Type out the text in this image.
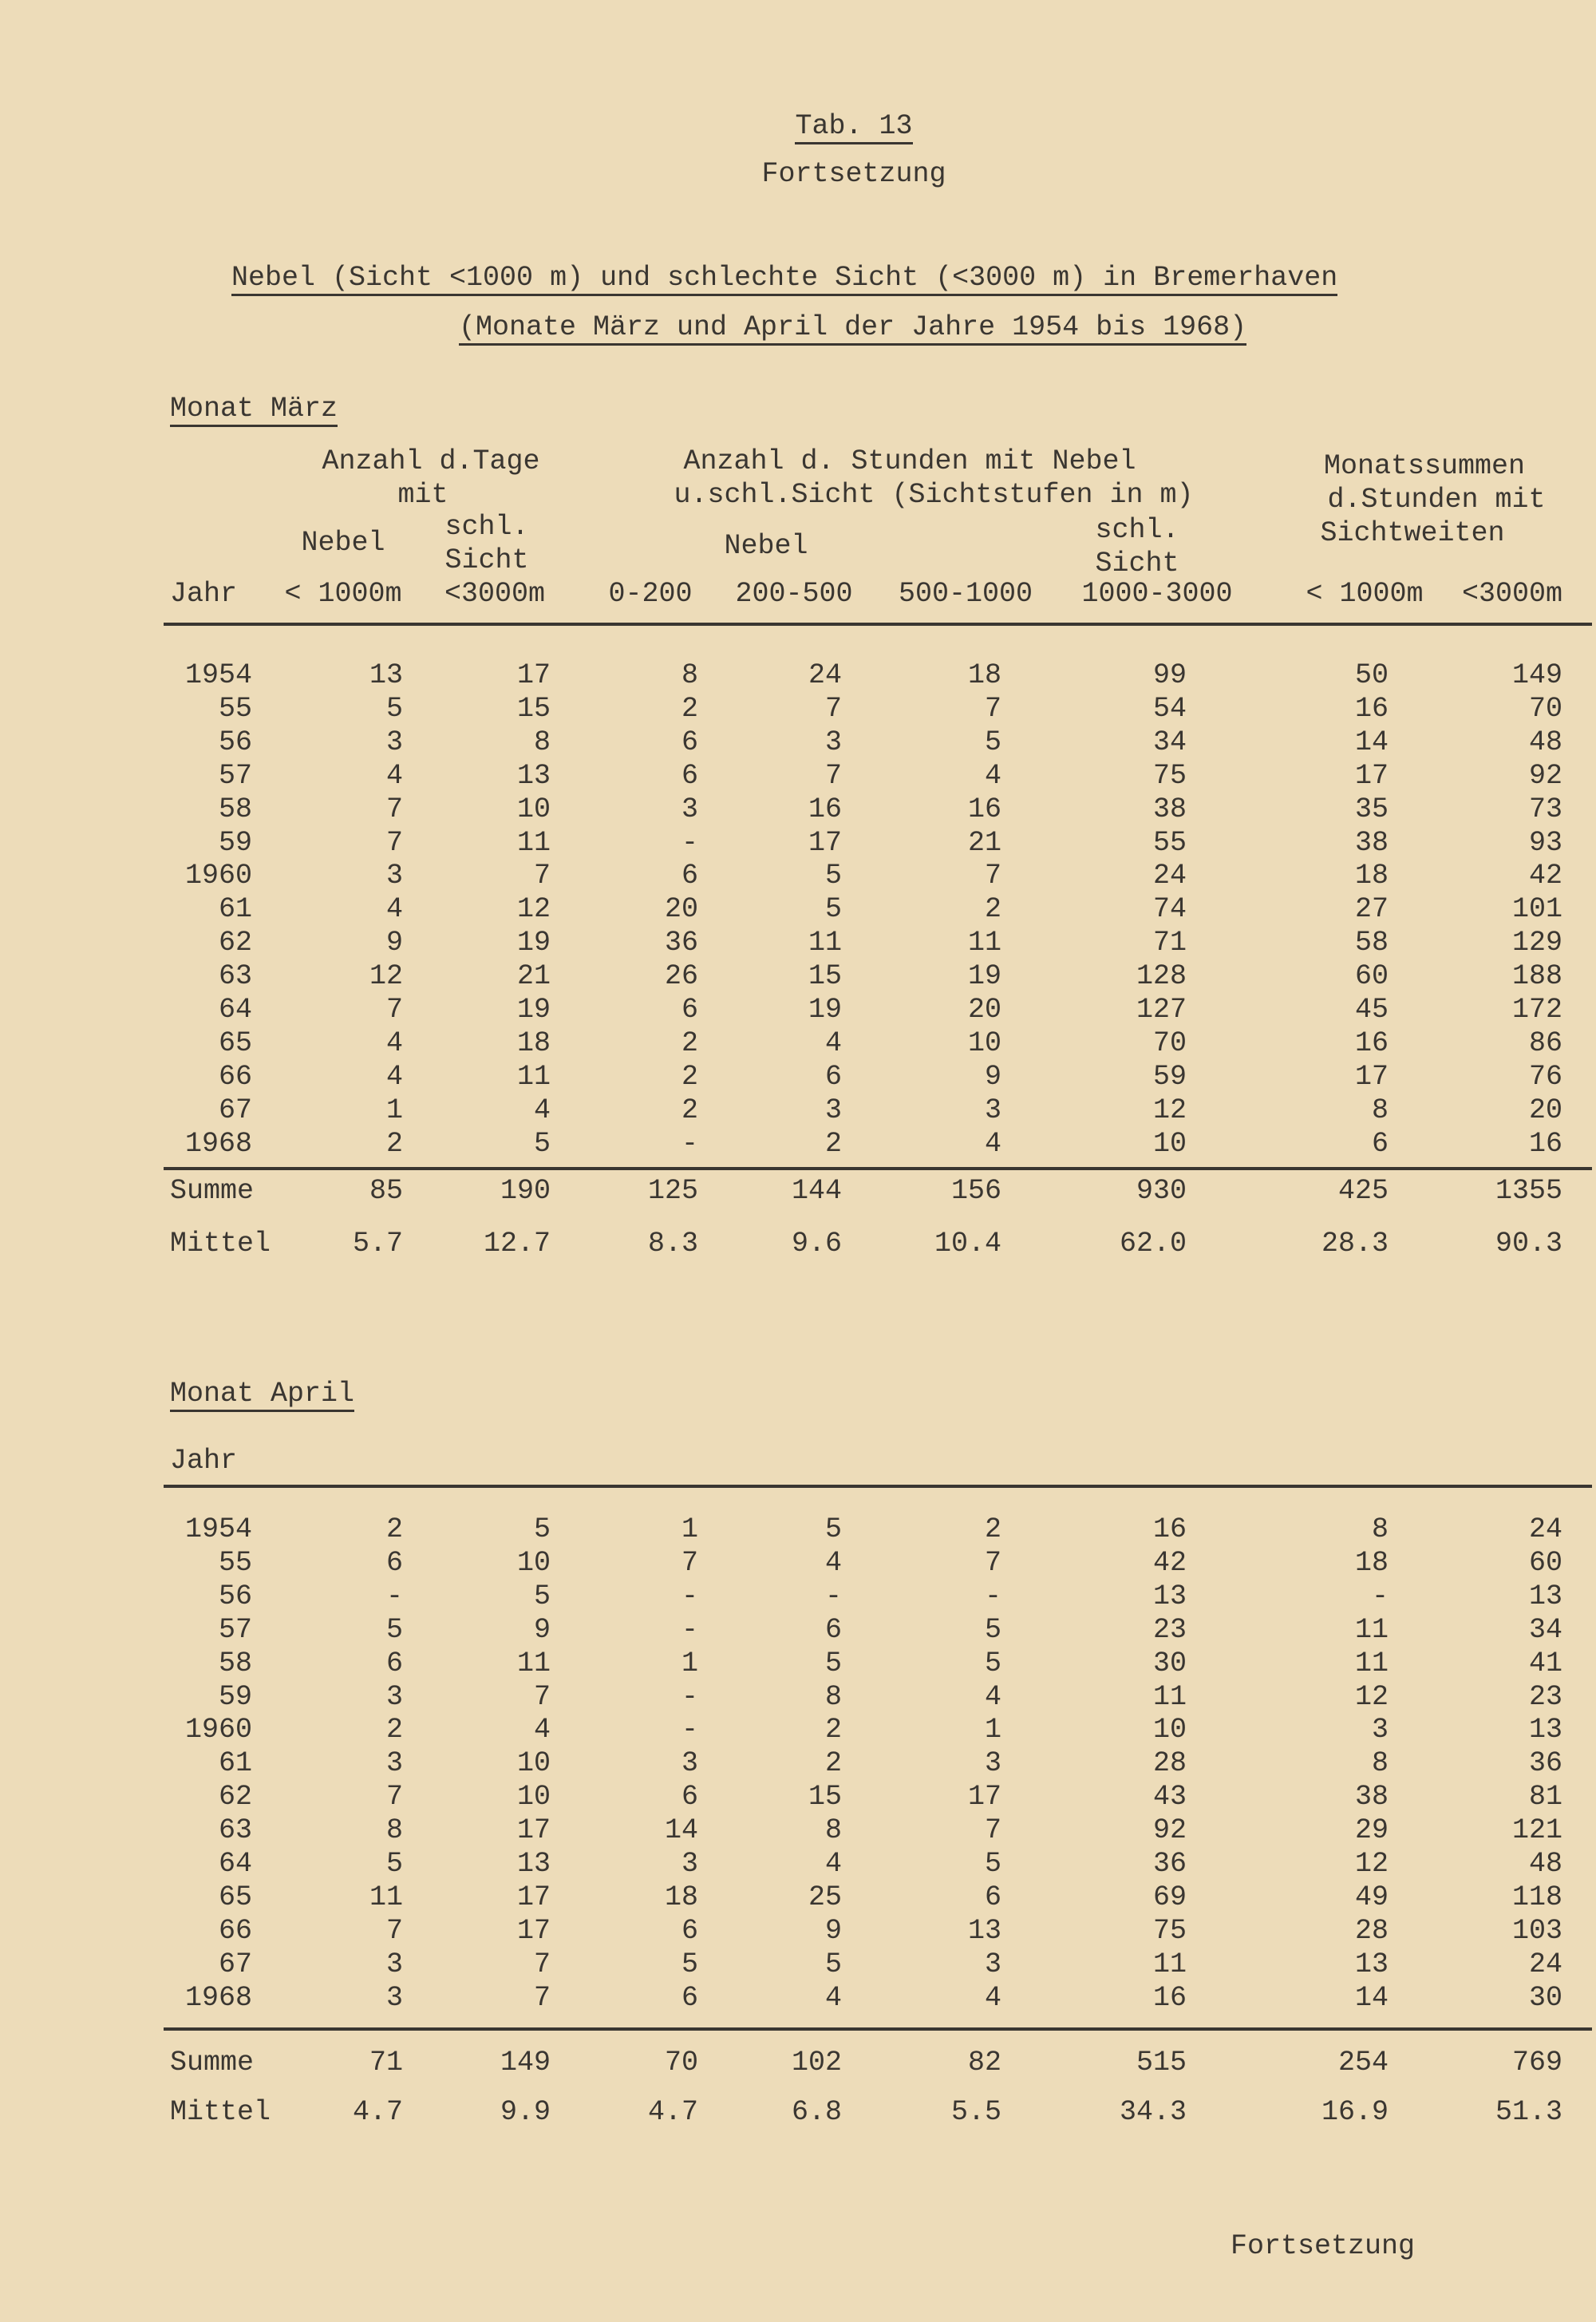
Tab. 13
Fortsetzung
Nebel (Sicht <1000 m) und schlechte Sicht (<3000 m) in Bremerhaven
(Monate März und April der Jahre 1954 bis 1968)
Monat März
Anzahl d.Tage
mit
Nebel	schl.
Sicht
Anzahl d. Stunden mit Nebel
u.schl.Sicht (Sichtstufen in m)
Nebel	schl.
Sicht
Monatssummen
d.Stunden mit
Sichtweiten
Jahr	< 1000m	<3000m	0-200	200-500	500-1000	1000-3000	< 1000m	<3000m
1954	13	17	8	24	18	99	50	149
55	5	15	2	7	7	54	16	70
56	3	8	6	3	5	34	14	48
57	4	13	6	7	4	75	17	92
58	7	10	3	16	16	38	35	73
59	7	11	-	17	21	55	38	93
1960	3	7	6	5	7	24	18	42
61	4	12	20	5	2	74	27	101
62	9	19	36	11	11	71	58	129
63	12	21	26	15	19	128	60	188
64	7	19	6	19	20	127	45	172
65	4	18	2	4	10	70	16	86
66	4	11	2	6	9	59	17	76
67	1	4	2	3	3	12	8	20
1968	2	5	-	2	4	10	6	16
Summe	85	190	125	144	156	930	425	1355
Mittel	5.7	12.7	8.3	9.6	10.4	62.0	28.3	90.3
Monat April
Jahr
1954	2	5	1	5	2	16	8	24
55	6	10	7	4	7	42	18	60
56	-	5	-	-	-	13	-	13
57	5	9	-	6	5	23	11	34
58	6	11	1	5	5	30	11	41
59	3	7	-	8	4	11	12	23
1960	2	4	-	2	1	10	3	13
61	3	10	3	2	3	28	8	36
62	7	10	6	15	17	43	38	81
63	8	17	14	8	7	92	29	121
64	5	13	3	4	5	36	12	48
65	11	17	18	25	6	69	49	118
66	7	17	6	9	13	75	28	103
67	3	7	5	5	3	11	13	24
1968	3	7	6	4	4	16	14	30
Summe	71	149	70	102	82	515	254	769
Mittel	4.7	9.9	4.7	6.8	5.5	34.3	16.9	51.3
Fortsetzung
